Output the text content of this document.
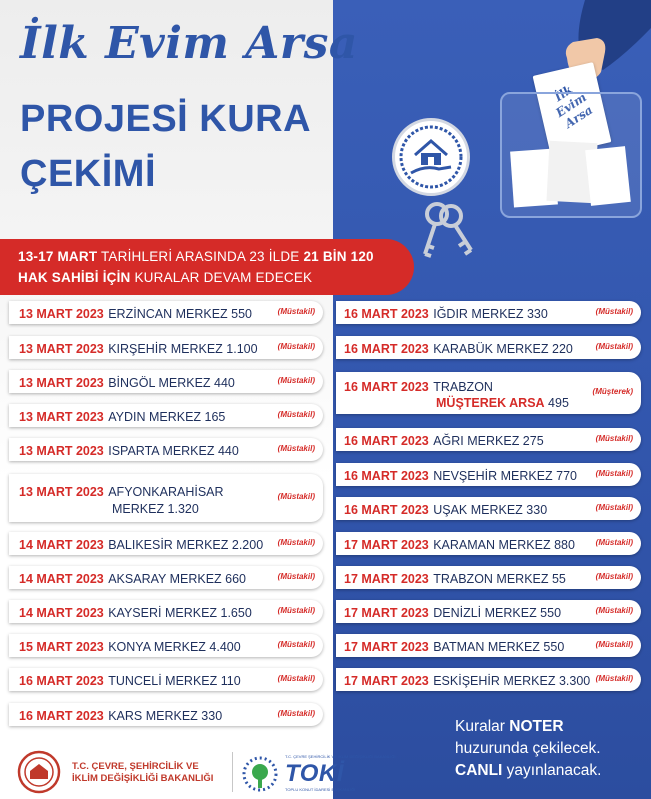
İlk Evim Arsa
PROJESİ KURA
ÇEKİMİ
İlk Evim Arsa
13-17 MART TARİHLERİ ARASINDA 23 İLDE 21 BİN 120
HAK SAHİBİ İÇİN KURALAR DEVAM EDECEK
13 MART 2023 ERZİNCAN MERKEZ 550	(Müstakil)
13 MART 2023 KIRŞEHİR MERKEZ 1.100	(Müstakil)
13 MART 2023 BİNGÖL MERKEZ 440	(Müstakil)
13 MART 2023 AYDIN MERKEZ 165	(Müstakil)
13 MART 2023 ISPARTA MERKEZ 440	(Müstakil)
13 MART 2023 AFYONKARAHİSAR
MERKEZ 1.320
(Müstakil)
14 MART 2023 BALIKESİR MERKEZ 2.200 (Müstakil)
14 MART 2023 AKSARAY MERKEZ 660	(Müstakil)
14 MART 2023 KAYSERİ MERKEZ 1.650	(Müstakil)
15 MART 2023 KONYA MERKEZ 4.400	(Müstakil)
16 MART 2023 TUNCELİ MERKEZ 110	(Müstakil)
16 MART 2023 KARS MERKEZ 330	(Müstakil)
16 MART 2023 IĞDIR MERKEZ 330	(Müstakil)
16 MART 2023 KARABÜK MERKEZ 220	(Müstakil)
16 MART 2023 TRABZON
MÜŞTEREK ARSA 495
(Müşterek)
16 MART 2023 AĞRI MERKEZ 275	(Müstakil)
16 MART 2023 NEVŞEHİR MERKEZ 770 (Müstakil)
16 MART 2023 UŞAK MERKEZ 330	(Müstakil)
17 MART 2023 KARAMAN MERKEZ 880	(Müstakil)
17 MART 2023 TRABZON MERKEZ 55	(Müstakil)
17 MART 2023 DENİZLİ MERKEZ 550	(Müstakil)
17 MART 2023 BATMAN MERKEZ 550	(Müstakil)
17 MART 2023 ESKİŞEHİR MERKEZ 3.300 (Müstakil)
Kuralar NOTER
huzurunda çekilecek.
CANLI yayınlanacak.
T.C. ÇEVRE, ŞEHİRCİLİK VE
İKLİM DEĞİŞİKLİĞİ BAKANLIĞI
T.C. ÇEVRE ŞEHİRCİLİK VE İKLİM DEĞİŞİKLİĞİ BAKANLIĞI
TOKİ
TOPLU KONUT İDARESİ BAŞKANLIĞI
